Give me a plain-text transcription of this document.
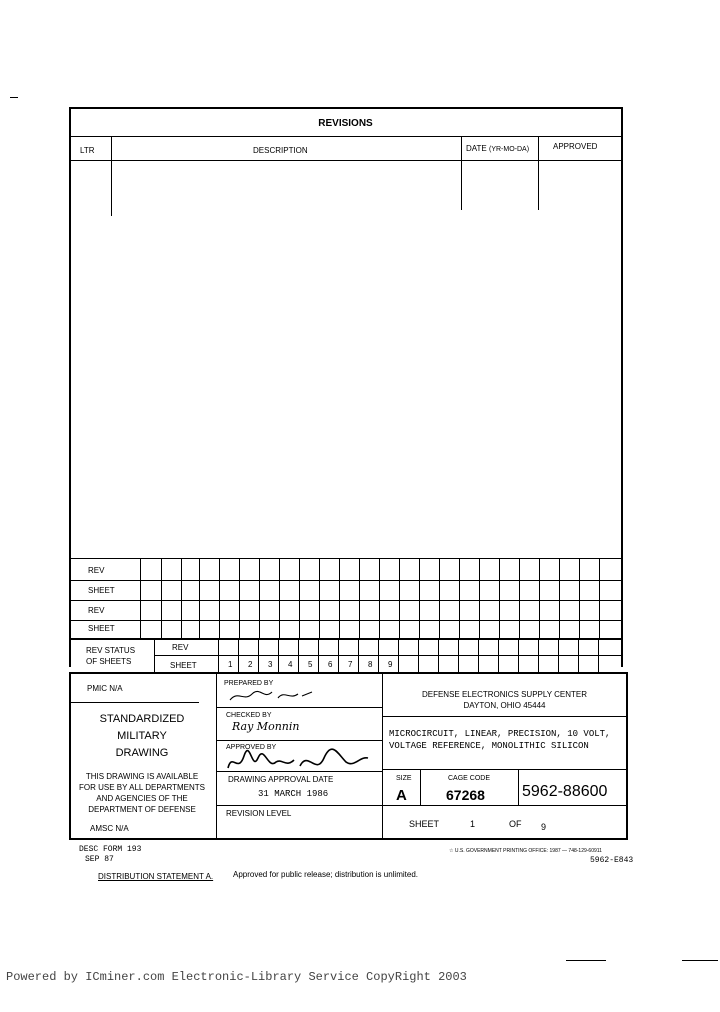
REVISIONS
LTR	DESCRIPTION	DATE (YR-MO-DA)	APPROVED
REV
SHEET
REV
SHEET
REV STATUS
OF SHEETS
REV
SHEET	1 2 3 4 5 6 7 8 9
PMIC N/A
STANDARDIZED
MILITARY
DRAWING
THIS DRAWING IS AVAILABLE
FOR USE BY ALL DEPARTMENTS
AND AGENCIES OF THE
DEPARTMENT OF DEFENSE
AMSC N/A
PREPARED BY
CHECKED BY
Ray Monnin
APPROVED BY
DRAWING APPROVAL DATE
31 MARCH 1986
REVISION LEVEL
DEFENSE ELECTRONICS SUPPLY CENTER
DAYTON, OHIO 45444
MICROCIRCUIT, LINEAR, PRECISION, 10 VOLT,
VOLTAGE REFERENCE, MONOLITHIC SILICON
SIZE
A
CAGE CODE
67268 5962-88600
SHEET	1	OF 9
DESC FORM 193
SEP 87
☆ U.S. GOVERNMENT PRINTING OFFICE: 1987 — 748-129-60911
5962-E843
DISTRIBUTION STATEMENT A. Approved for public release; distribution is unlimited.
Powered by ICminer.com Electronic-Library Service CopyRight 2003
